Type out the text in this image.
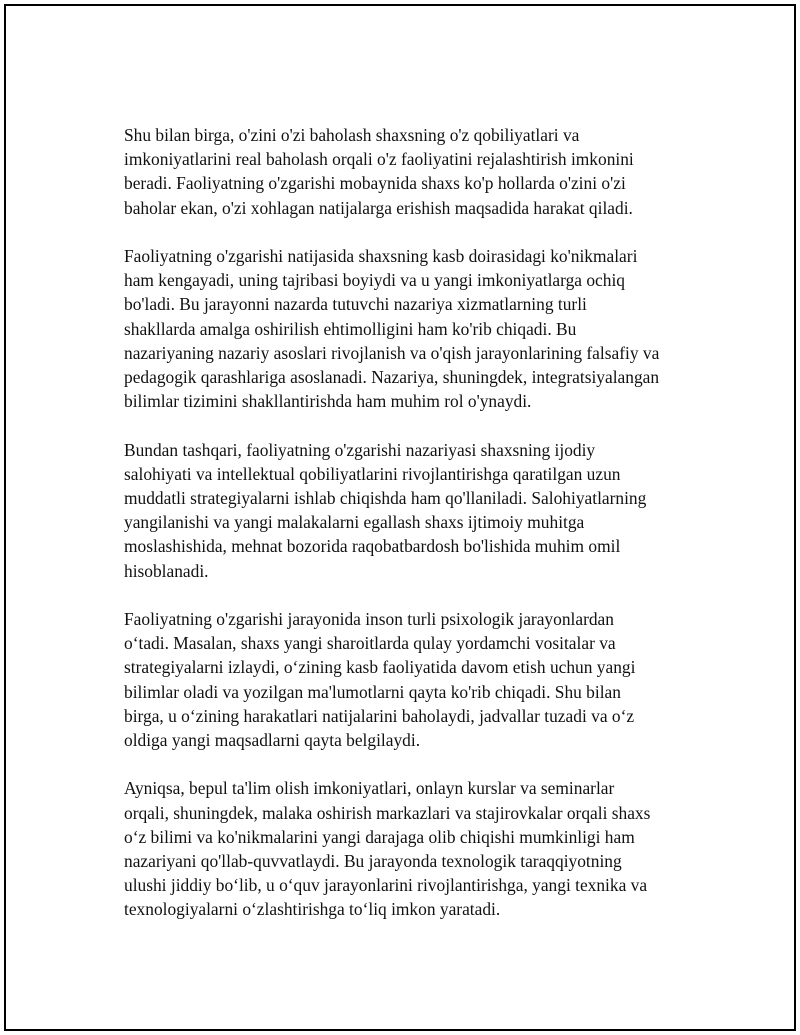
Shu bilan birga, o'zini o'zi baholash shaxsning o'z qobiliyatlari va
imkoniyatlarini real baholash orqali o'z faoliyatini rejalashtirish imkonini
beradi. Faoliyatning o'zgarishi mobaynida shaxs ko'p hollarda o'zini o'zi
baholar ekan, o'zi xohlagan natijalarga erishish maqsadida harakat qiladi.

Faoliyatning o'zgarishi natijasida shaxsning kasb doirasidagi ko'nikmalari
ham kengayadi, uning tajribasi boyiydi va u yangi imkoniyatlarga ochiq
bo'ladi. Bu jarayonni nazarda tutuvchi nazariya xizmatlarning turli
shakllarda amalga oshirilish ehtimolligini ham ko'rib chiqadi. Bu
nazariyaning nazariy asoslari rivojlanish va o'qish jarayonlarining falsafiy va
pedagogik qarashlariga asoslanadi. Nazariya, shuningdek, integratsiyalangan
bilimlar tizimini shakllantirishda ham muhim rol o'ynaydi.

Bundan tashqari, faoliyatning o'zgarishi nazariyasi shaxsning ijodiy
salohiyati va intellektual qobiliyatlarini rivojlantirishga qaratilgan uzun
muddatli strategiyalarni ishlab chiqishda ham qo'llaniladi. Salohiyatlarning
yangilanishi va yangi malakalarni egallash shaxs ijtimoiy muhitga
moslashishida, mehnat bozorida raqobatbardosh bo'lishida muhim omil
hisoblanadi.

Faoliyatning o'zgarishi jarayonida inson turli psixologik jarayonlardan
o‘tadi. Masalan, shaxs yangi sharoitlarda qulay yordamchi vositalar va
strategiyalarni izlaydi, o‘zining kasb faoliyatida davom etish uchun yangi
bilimlar oladi va yozilgan ma'lumotlarni qayta ko'rib chiqadi. Shu bilan
birga, u o‘zining harakatlari natijalarini baholaydi, jadvallar tuzadi va o‘z
oldiga yangi maqsadlarni qayta belgilaydi.

Ayniqsa, bepul ta'lim olish imkoniyatlari, onlayn kurslar va seminarlar
orqali, shuningdek, malaka oshirish markazlari va stajirovkalar orqali shaxs
o‘z bilimi va ko'nikmalarini yangi darajaga olib chiqishi mumkinligi ham
nazariyani qo'llab-quvvatlaydi. Bu jarayonda texnologik taraqqiyotning
ulushi jiddiy bo‘lib, u o‘quv jarayonlarini rivojlantirishga, yangi texnika va
texnologiyalarni o‘zlashtirishga to‘liq imkon yaratadi.
